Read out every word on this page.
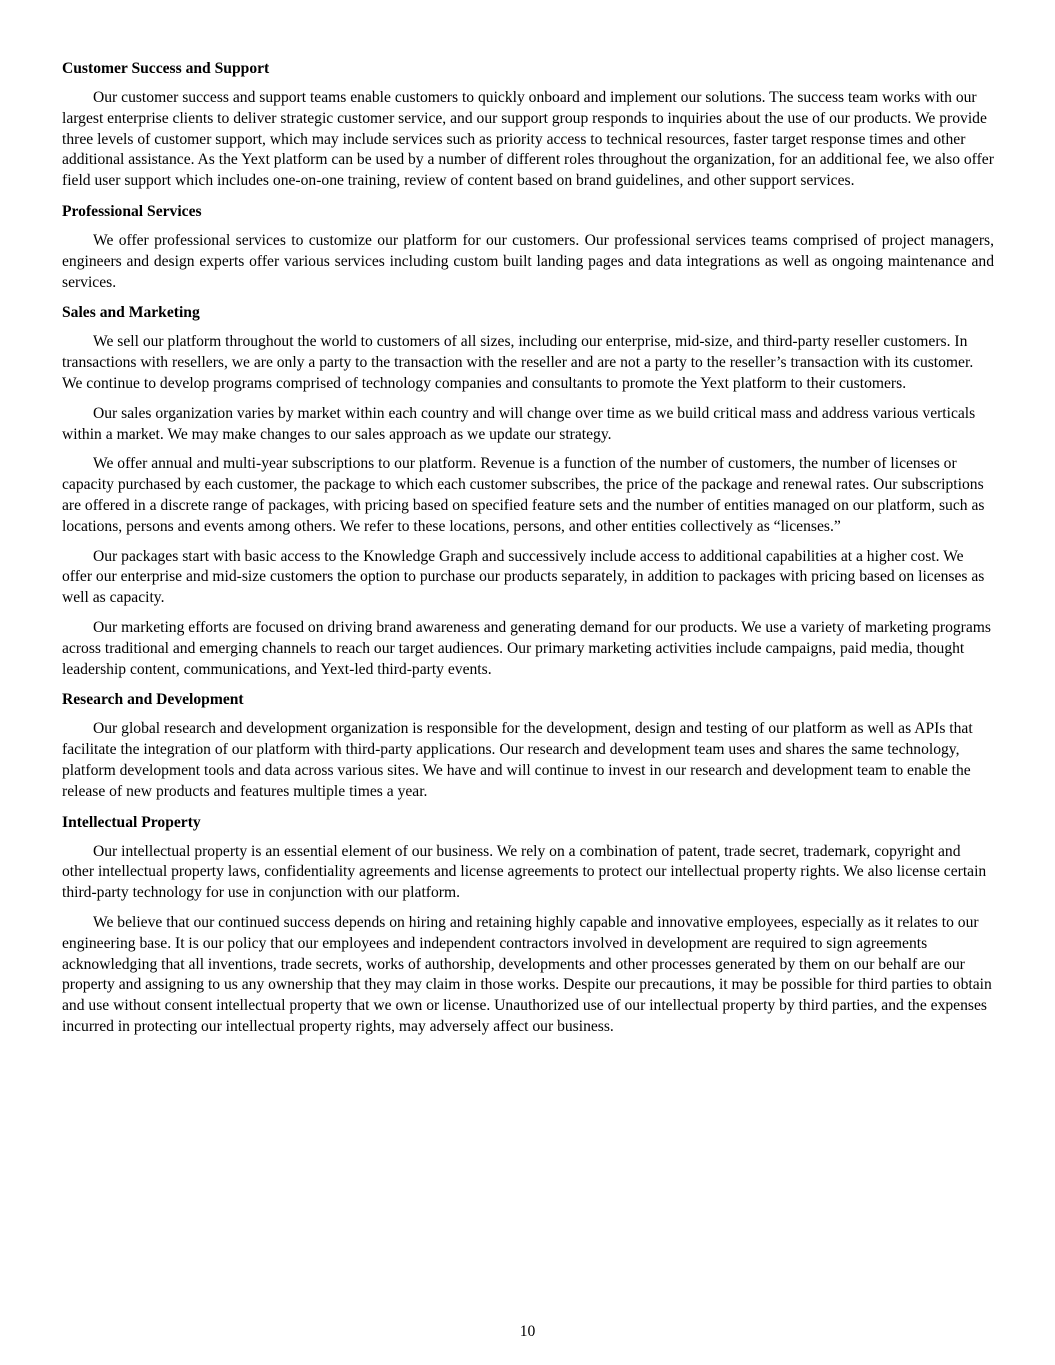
Customer Success and Support

Our customer success and support teams enable customers to quickly onboard and implement our solutions. The success team works with our largest enterprise clients to deliver strategic customer service, and our support group responds to inquiries about the use of our products. We provide three levels of customer support, which may include services such as priority access to technical resources, faster target response times and other additional assistance. As the Yext platform can be used by a number of different roles throughout the organization, for an additional fee, we also offer field user support which includes one-on-one training, review of content based on brand guidelines, and other support services.

Professional Services

We offer professional services to customize our platform for our customers. Our professional services teams comprised of project managers, engineers and design experts offer various services including custom built landing pages and data integrations as well as ongoing maintenance and services.

Sales and Marketing

We sell our platform throughout the world to customers of all sizes, including our enterprise, mid-size, and third-party reseller customers. In transactions with resellers, we are only a party to the transaction with the reseller and are not a party to the reseller’s transaction with its customer. We continue to develop programs comprised of technology companies and consultants to promote the Yext platform to their customers.

Our sales organization varies by market within each country and will change over time as we build critical mass and address various verticals within a market. We may make changes to our sales approach as we update our strategy.

We offer annual and multi-year subscriptions to our platform. Revenue is a function of the number of customers, the number of licenses or capacity purchased by each customer, the package to which each customer subscribes, the price of the package and renewal rates. Our subscriptions are offered in a discrete range of packages, with pricing based on specified feature sets and the number of entities managed on our platform, such as locations, persons and events among others. We refer to these locations, persons, and other entities collectively as “licenses.”

Our packages start with basic access to the Knowledge Graph and successively include access to additional capabilities at a higher cost. We offer our enterprise and mid-size customers the option to purchase our products separately, in addition to packages with pricing based on licenses as well as capacity.

Our marketing efforts are focused on driving brand awareness and generating demand for our products. We use a variety of marketing programs across traditional and emerging channels to reach our target audiences. Our primary marketing activities include campaigns, paid media, thought leadership content, communications, and Yext-led third-party events.

Research and Development

Our global research and development organization is responsible for the development, design and testing of our platform as well as APIs that facilitate the integration of our platform with third-party applications. Our research and development team uses and shares the same technology, platform development tools and data across various sites. We have and will continue to invest in our research and development team to enable the release of new products and features multiple times a year.

Intellectual Property

Our intellectual property is an essential element of our business. We rely on a combination of patent, trade secret, trademark, copyright and other intellectual property laws, confidentiality agreements and license agreements to protect our intellectual property rights. We also license certain third-party technology for use in conjunction with our platform.

We believe that our continued success depends on hiring and retaining highly capable and innovative employees, especially as it relates to our engineering base. It is our policy that our employees and independent contractors involved in development are required to sign agreements acknowledging that all inventions, trade secrets, works of authorship, developments and other processes generated by them on our behalf are our property and assigning to us any ownership that they may claim in those works. Despite our precautions, it may be possible for third parties to obtain and use without consent intellectual property that we own or license. Unauthorized use of our intellectual property by third parties, and the expenses incurred in protecting our intellectual property rights, may adversely affect our business.

10
